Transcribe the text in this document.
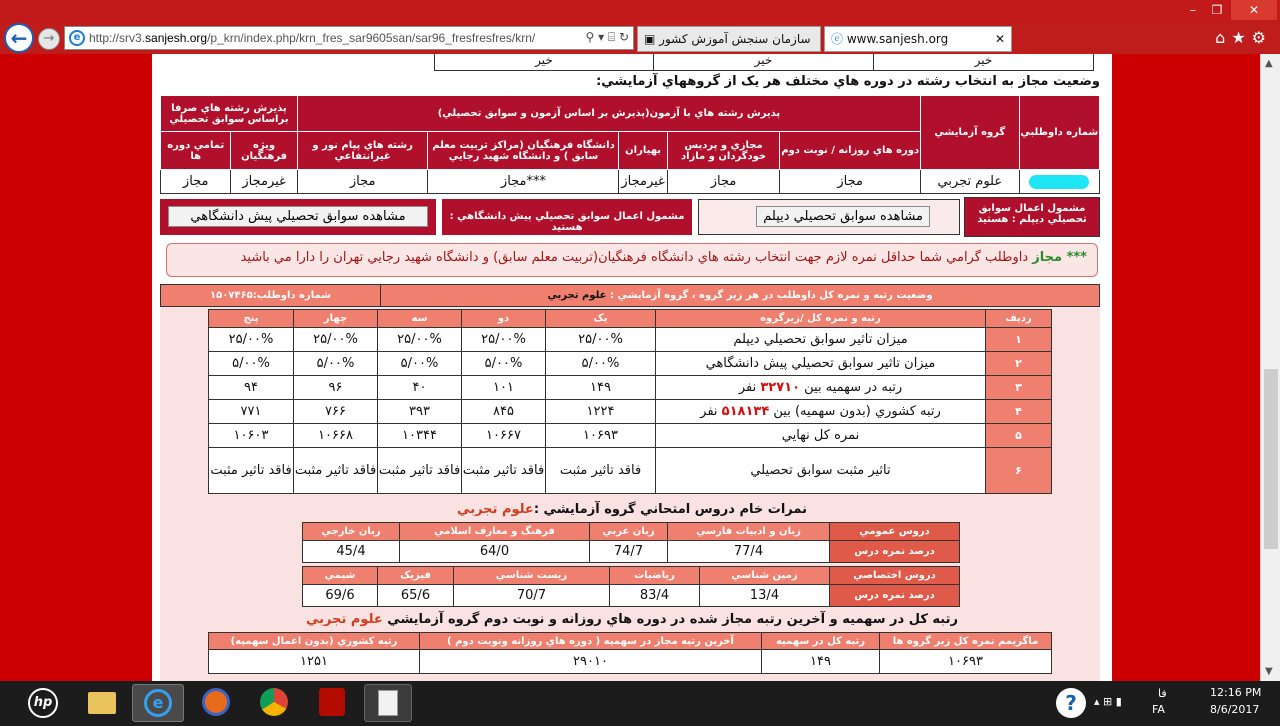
–	❐	✕
←	→	e http://srv3.sanjesh.org/p_krn/index.php/krn_fres_sar9605san/sar96_fresfresfres/krn/	⚲ ▾ ⌸ ↻	▣ سازمان سنجش آموزش کشور	ⓔ www.sanjesh.org	✕	⌂★⚙
خير	خير	خير
وضعيت مجاز به انتخاب رشته در دوره هاي مختلف هر يک از گروههاي آزمايشي:
شماره داوطلبي	گروه آزمايشي	پذيرش رشته هاي با آزمون(پذيرش بر اساس آزمون و سوابق تحصيلي)					پذيرش رشته هاي صرفا براساس سوابق تحصيلي	
		دوره هاي روزانه / نوبت دوم	مجازي و پرديس خودگردان و مازاد	بهياران	دانشگاه فرهنگيان (مراکز تربيت معلم سابق ) و دانشگاه شهيد رجايي	رشته هاي پيام نور و غيرانتفاعي	ويژه فرهنگيان	تمامي دوره ها

	علوم تجربي	مجاز	مجاز	غيرمجاز	***مجاز	مجاز	غيرمجاز	مجاز
مشمول اعمال سوابق تحصيلي ديپلم : هستيد
مشاهده سوابق تحصيلي ديپلم
مشمول اعمال سوابق تحصيلي پيش دانشگاهي : هستيد
مشاهده سوابق تحصيلي پيش دانشگاهي
*** مجاز داوطلب گرامي شما حداقل نمره لازم جهت انتخاب رشته هاي دانشگاه فرهنگيان(تربيت معلم سابق) و دانشگاه شهيد رجايي تهران را دارا مي باشيد
وضعيت رتبه و نمره کل داوطلب در هر زير گروه ، گروه آزمايشي : علوم تجربي	شماره داوطلب:۱۵۰۷۴۶۵
رديف	رتبه و نمره کل /زيرگروه	يک	دو	سه	چهار	پنج
۱	ميزان تاثير سوابق تحصيلي ديپلم	۲۵/۰۰%	۲۵/۰۰%	۲۵/۰۰%	۲۵/۰۰%	۲۵/۰۰%
۲	ميزان تاثير سوابق تحصيلي پيش دانشگاهي	۵/۰۰%	۵/۰۰%	۵/۰۰%	۵/۰۰%	۵/۰۰%
۳	رتبه در سهميه بين ۳۲۷۱۰ نفر	۱۴۹	۱۰۱	۴۰	۹۶	۹۴
۴	رتبه کشوري (بدون سهميه) بين ۵۱۸۱۳۴ نفر	۱۲۲۴	۸۴۵	۳۹۳	۷۶۶	۷۷۱
۵	نمره کل نهايي	۱۰۶۹۳	۱۰۶۶۷	۱۰۳۴۴	۱۰۶۶۸	۱۰۶۰۳
۶	تاثير مثبت سوابق تحصيلي	فاقد تاثير مثبت	فاقد تاثير مثبت	فاقد تاثير مثبت	فاقد تاثير مثبت	فاقد تاثير مثبت
نمرات خام دروس امتحاني گروه آزمايشي :علوم تجربي
دروس عمومي	زبان و ادبيات فارسي	زبان عربي	فرهنگ و معارف اسلامي	زبان خارجي
درصد نمره درس	77/4	74/7	64/0	45/4
دروس اختصاصي	زمين شناسي	رياضيات	زيست شناسي	فيزيک	شيمي
درصد نمره درس	13/4	83/4	70/7	65/6	69/6
رتبه کل در سهميه و آخرين رتبه مجاز شده در دوره هاي روزانه و نوبت دوم گروه آزمايشي علوم تجربي
ماگزيمم نمره کل زير گروه ها	رتبه کل در سهميه	آخرين رتبه مجاز در سهميه ( دوره هاي روزانه ونوبت دوم )	رتبه کشوري (بدون اعمال سهميه)
۱۰۶۹۳	۱۴۹	۲۹۰۱۰	۱۲۵۱
▲
▼
hp	e	?	▴ ⊞ ▮
فا
FA
12:16 PM
8/6/2017
